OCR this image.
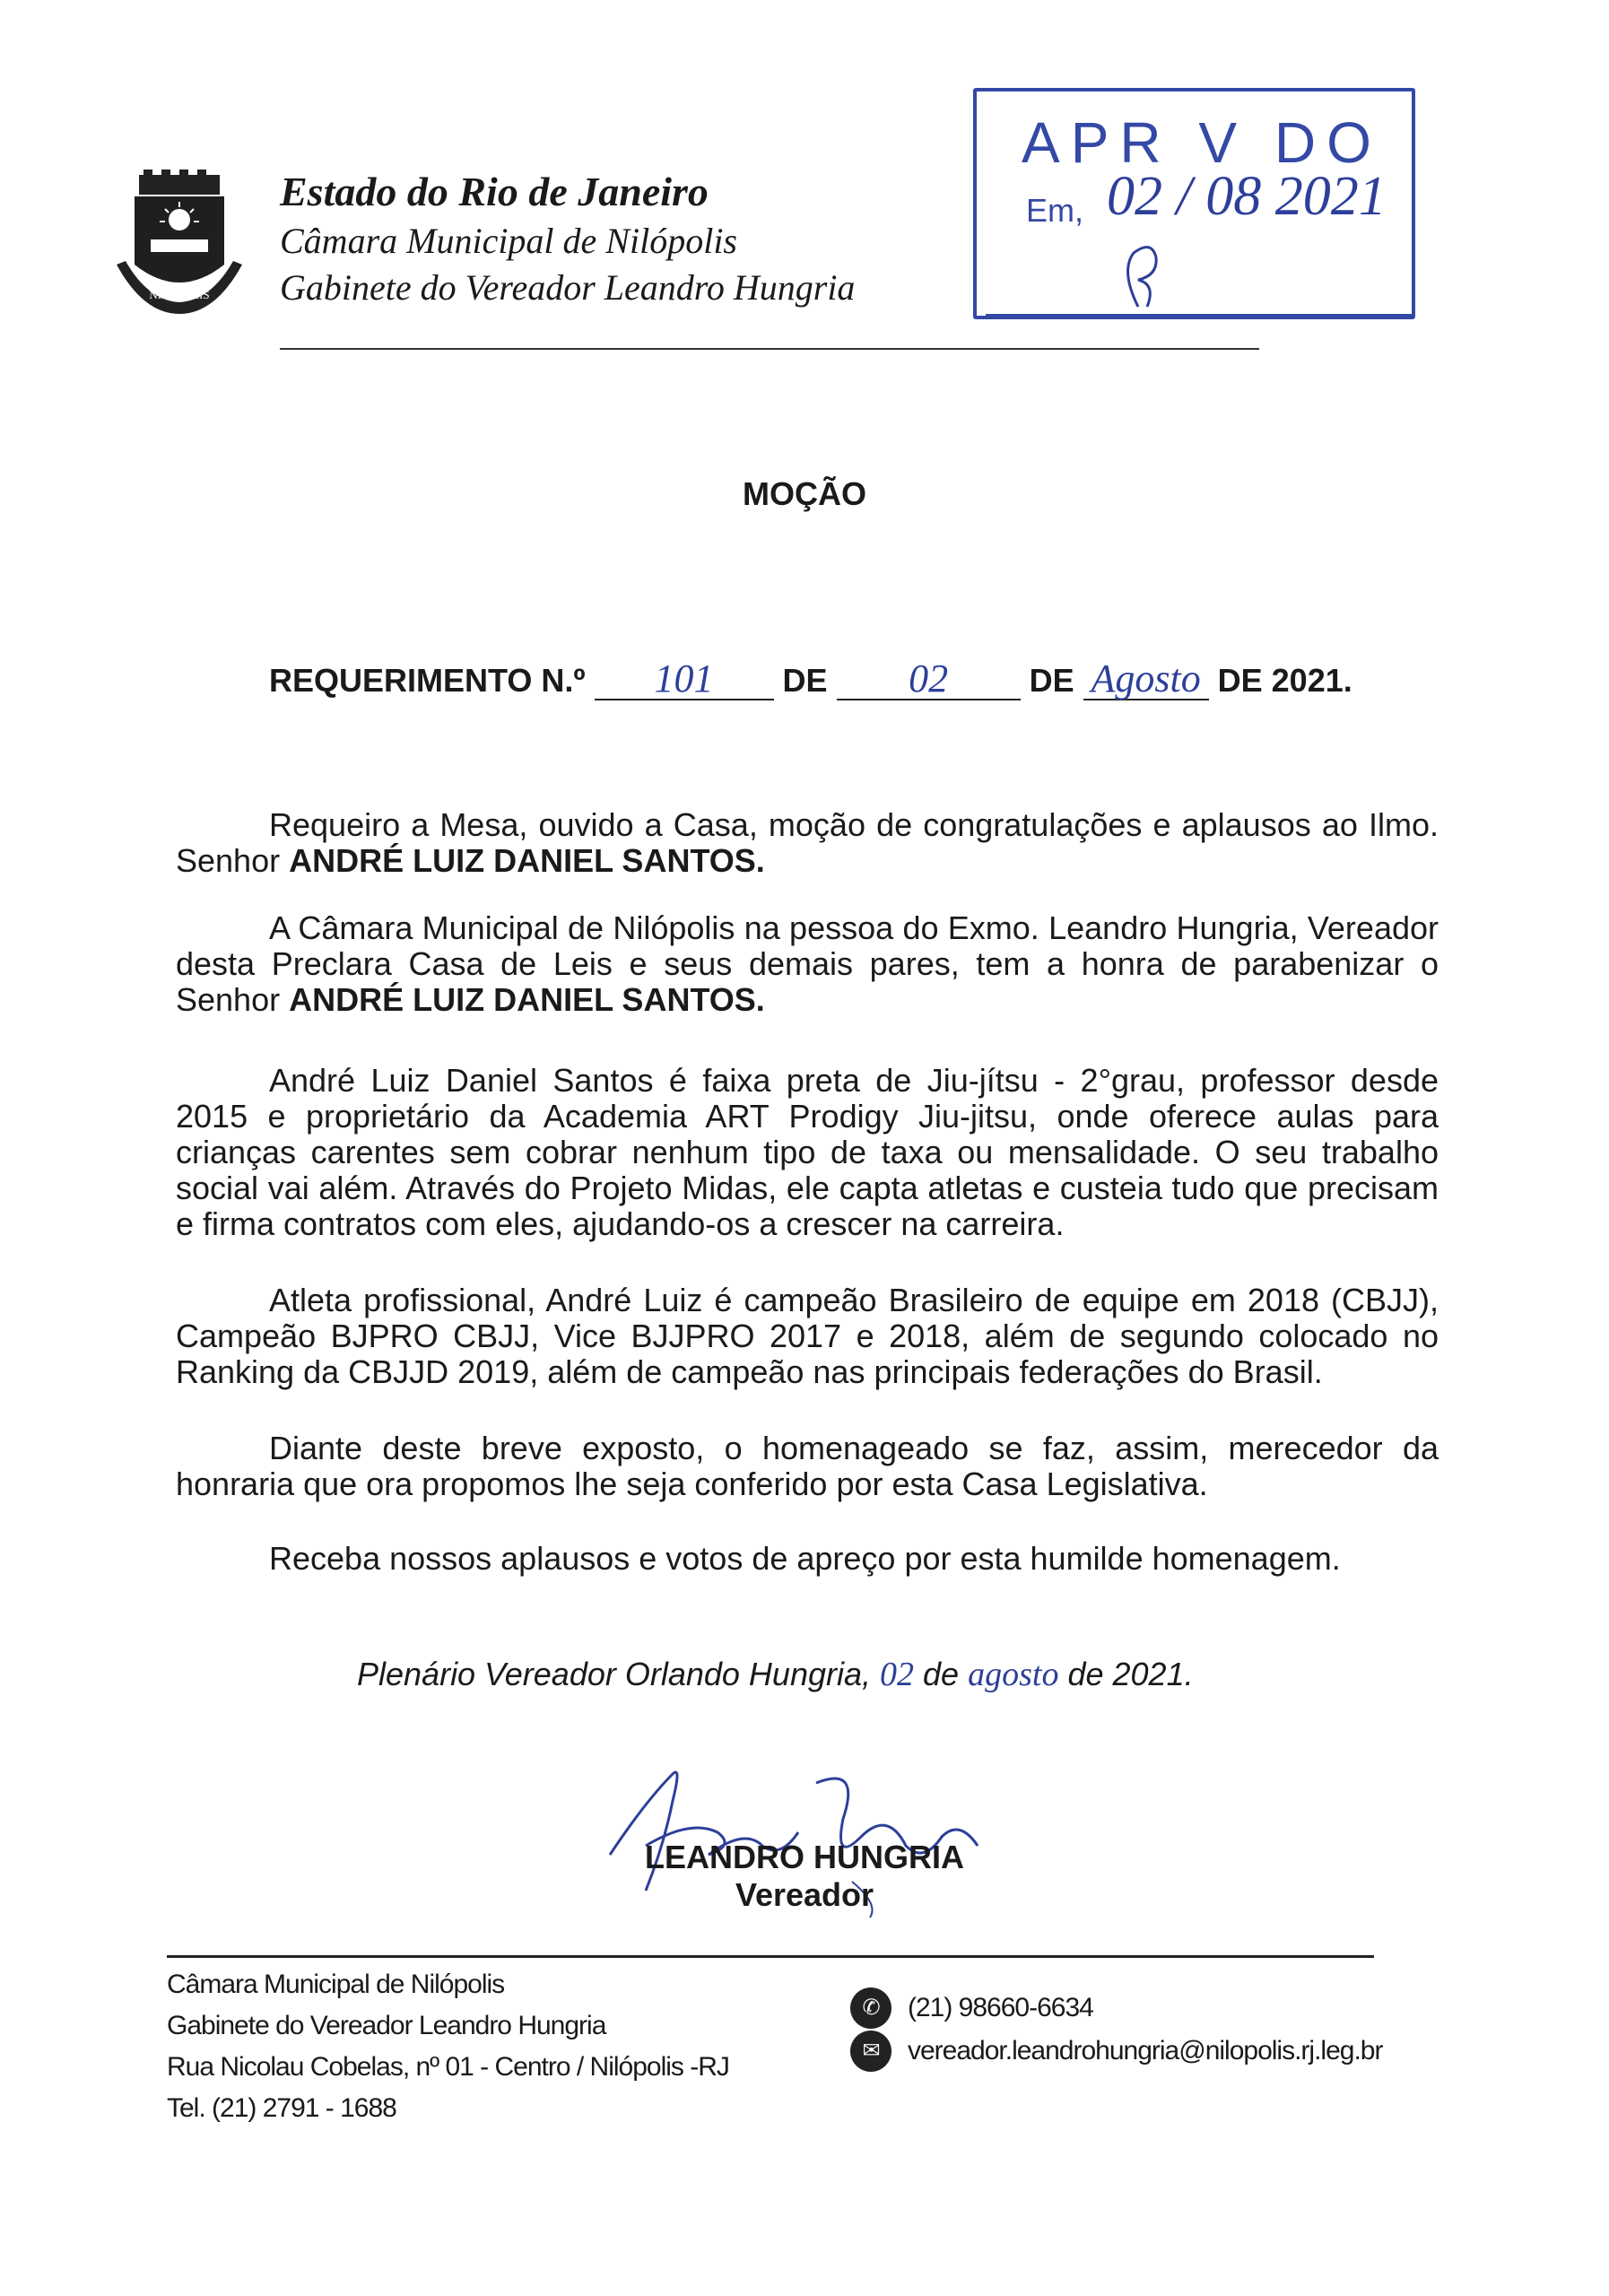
NILÓPOLIS
Estado do Rio de Janeiro
Câmara Municipal de Nilópolis
Gabinete do Vereador Leandro Hungria
APR V DO
Em, 02 / 08 2021
MOÇÃO
REQUERIMENTO N.º 101 DE 02	DE Agosto DE 2021.
Requeiro a Mesa, ouvido a Casa, moção de congratulações e aplausos ao Ilmo. Senhor ANDRÉ LUIZ DANIEL SANTOS.
A Câmara Municipal de Nilópolis na pessoa do Exmo. Leandro Hungria, Vereador desta Preclara Casa de Leis e seus demais pares, tem a honra de parabenizar o Senhor ANDRÉ LUIZ DANIEL SANTOS.
André Luiz Daniel Santos é faixa preta de Jiu-jítsu - 2°grau, professor desde 2015 e proprietário da Academia ART Prodigy Jiu-jitsu, onde oferece aulas para crianças carentes sem cobrar nenhum tipo de taxa ou mensalidade. O seu trabalho social vai além. Através do Projeto Midas, ele capta atletas e custeia tudo que precisam e firma contratos com eles, ajudando-os a crescer na carreira.
Atleta profissional, André Luiz é campeão Brasileiro de equipe em 2018 (CBJJ), Campeão BJPRO CBJJ, Vice BJJPRO 2017 e 2018, além de segundo colocado no Ranking da CBJJD 2019, além de campeão nas principais federações do Brasil.
Diante deste breve exposto, o homenageado se faz, assim, merecedor da honraria que ora propomos lhe seja conferido por esta Casa Legislativa.
Receba nossos aplausos e votos de apreço por esta humilde homenagem.
Plenário Vereador Orlando Hungria, 02 de agosto de 2021.
LEANDRO HUNGRIA
Vereador
Câmara Municipal de Nilópolis
Gabinete do Vereador Leandro Hungria
Rua Nicolau Cobelas, nº 01 - Centro / Nilópolis -RJ
Tel. (21) 2791 - 1688
✆	(21) 98660-6634
✉	vereador.leandrohungria@nilopolis.rj.leg.br
